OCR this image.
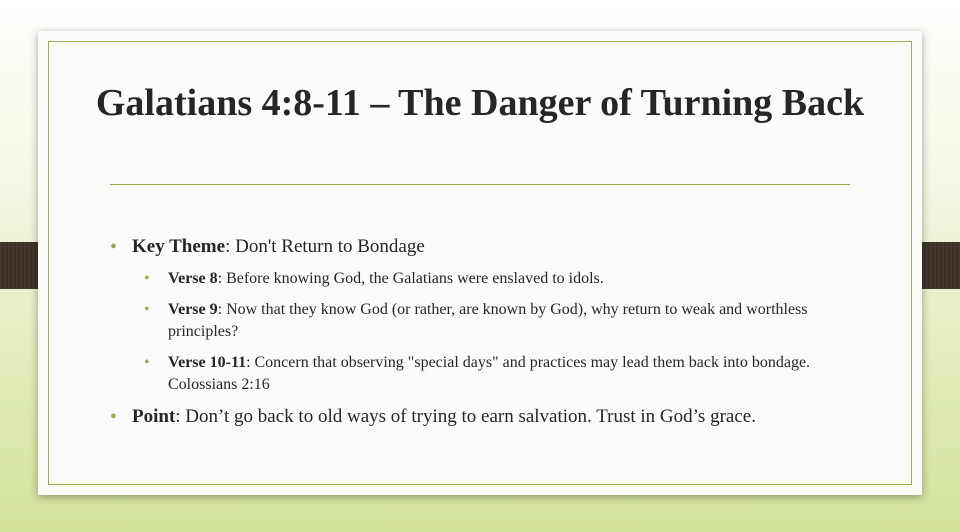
Galatians 4:8-11 – The Danger of Turning Back
• Key Theme: Don't Return to Bondage
• Verse 8: Before knowing God, the Galatians were enslaved to idols.
• Verse 9: Now that they know God (or rather, are known by God), why return to weak and worthless principles?
• Verse 10-11: Concern that observing "special days" and practices may lead them back into bondage. Colossians 2:16
• Point: Don’t go back to old ways of trying to earn salvation. Trust in God’s grace.
